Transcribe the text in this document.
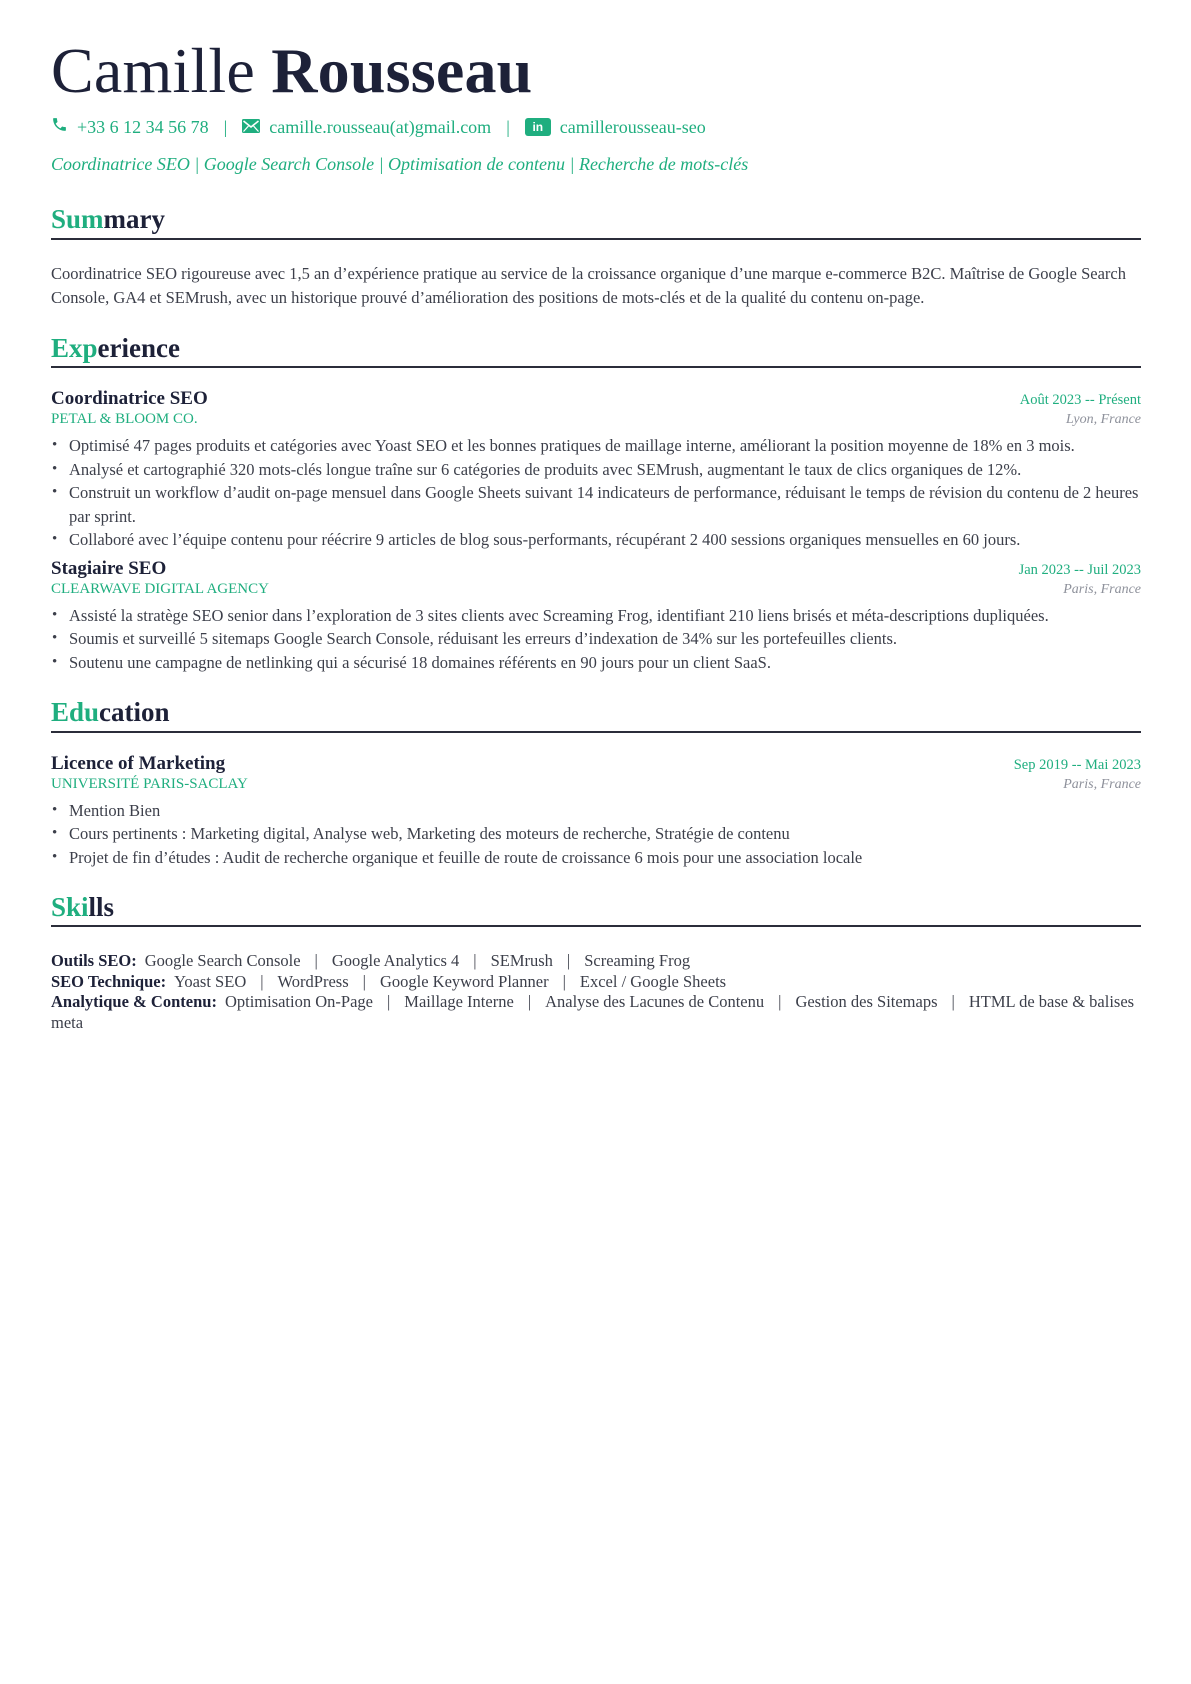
Camille Rousseau
+33 6 12 34 56 78 | camille.rousseau(at)gmail.com |	in camillerousseau-seo
Coordinatrice SEO | Google Search Console | Optimisation de contenu | Recherche de mots-clés
Summary

Coordinatrice SEO rigoureuse avec 1,5 an d’expérience pratique au service de la croissance organique d’une marque e-commerce B2C. Maîtrise de Google Search Console, GA4 et SEMrush, avec un historique prouvé d’amélioration des positions de mots-clés et de la qualité du contenu on-page.

Experience
Coordinatrice SEO	Août 2023 -- Présent
PETAL & BLOOM CO.	Lyon, France
• Optimisé 47 pages produits et catégories avec Yoast SEO et les bonnes pratiques de maillage interne, améliorant la position moyenne de 18% en 3 mois.
• Analysé et cartographié 320 mots-clés longue traîne sur 6 catégories de produits avec SEMrush, augmentant le taux de clics organiques de 12%.
• Construit un workflow d’audit on-page mensuel dans Google Sheets suivant 14 indicateurs de performance, réduisant le temps de révision du contenu de 2 heures par sprint.
• Collaboré avec l’équipe contenu pour réécrire 9 articles de blog sous-performants, récupérant 2 400 sessions organiques mensuelles en 60 jours.
Stagiaire SEO	Jan 2023 -- Juil 2023
CLEARWAVE DIGITAL AGENCY	Paris, France
• Assisté la stratège SEO senior dans l’exploration de 3 sites clients avec Screaming Frog, identifiant 210 liens brisés et méta-descriptions dupliquées.
• Soumis et surveillé 5 sitemaps Google Search Console, réduisant les erreurs d’indexation de 34% sur les portefeuilles clients.
• Soutenu une campagne de netlinking qui a sécurisé 18 domaines référents en 90 jours pour un client SaaS.
Education
Licence of Marketing	Sep 2019 -- Mai 2023
UNIVERSITÉ PARIS-SACLAY	Paris, France
• Mention Bien
• Cours pertinents : Marketing digital, Analyse web, Marketing des moteurs de recherche, Stratégie de contenu
• Projet de fin d’études : Audit de recherche organique et feuille de route de croissance 6 mois pour une association locale
Skills
Outils SEO: Google Search Console | Google Analytics 4 | SEMrush | Screaming Frog
SEO Technique: Yoast SEO | WordPress | Google Keyword Planner | Excel / Google Sheets
Analytique & Contenu: Optimisation On-Page | Maillage Interne | Analyse des Lacunes de Contenu | Gestion des Sitemaps | HTML de base & balises meta
